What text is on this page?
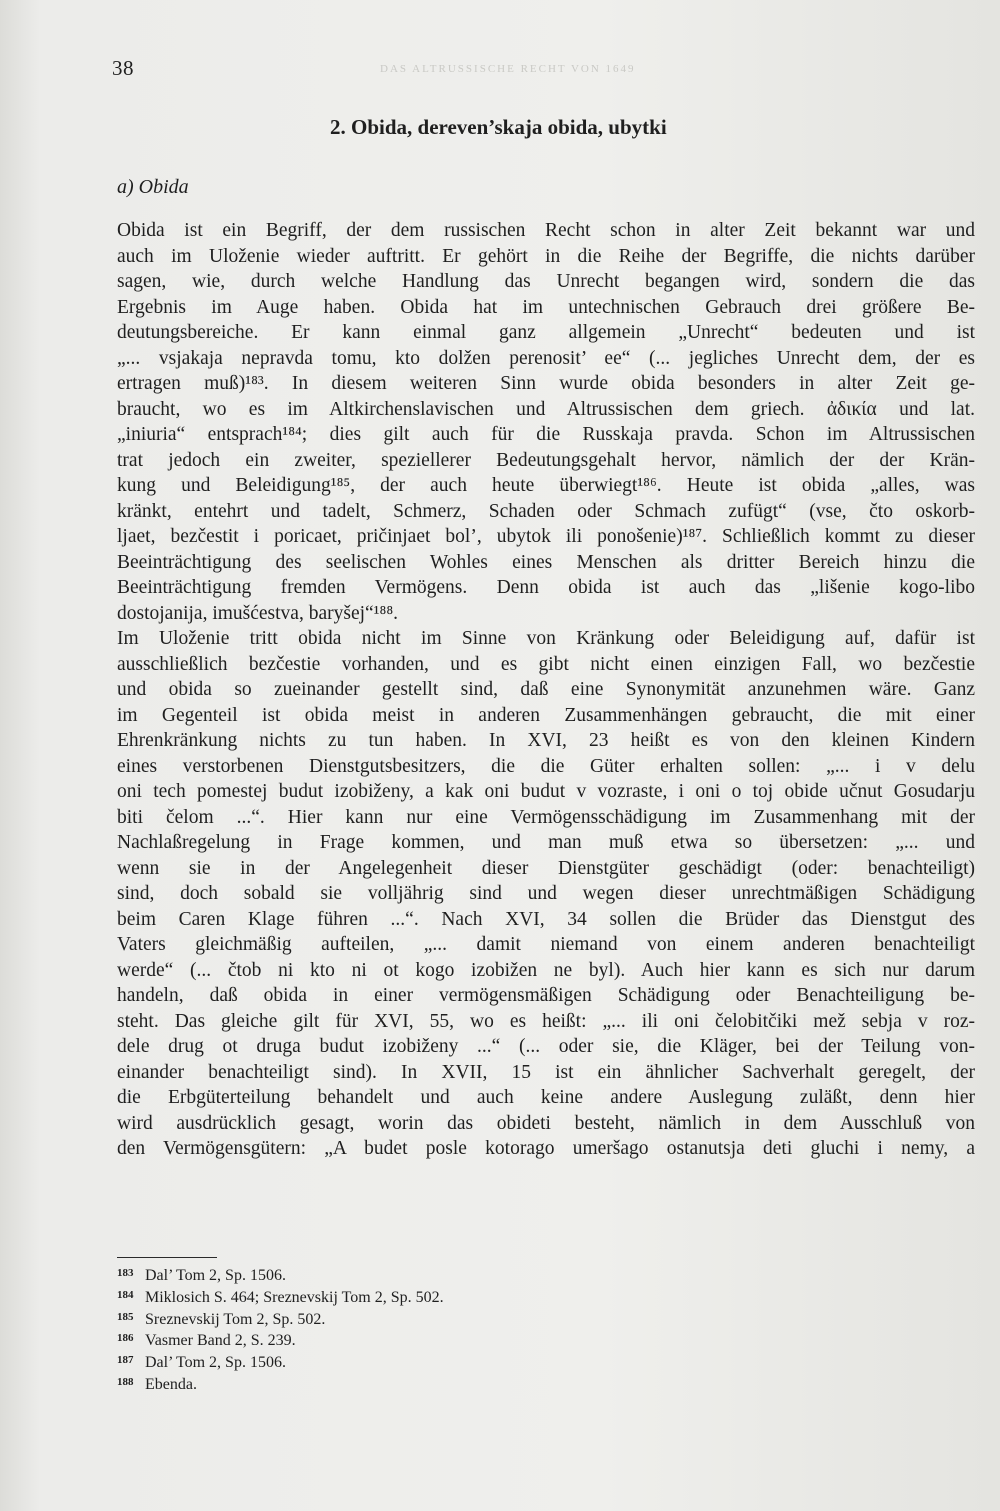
38	DAS ALTRUSSISCHE RECHT VON 1649
2. Obida, dereven’skaja obida, ubytki
a) Obida
Obida ist ein Begriff, der dem russischen Recht schon in alter Zeit bekannt war und
auch im Uloženie wieder auftritt. Er gehört in die Reihe der Begriffe, die nichts darüber
sagen, wie, durch welche Handlung das Unrecht begangen wird, sondern die das
Ergebnis im Auge haben. Obida hat im untechnischen Gebrauch drei größere Be-
deutungsbereiche. Er kann einmal ganz allgemein „Unrecht“ bedeuten und ist
„... vsjakaja nepravda tomu, kto dolžen perenosit’ ee“ (... jegliches Unrecht dem, der es
ertragen muß)¹⁸³. In diesem weiteren Sinn wurde obida besonders in alter Zeit ge-
braucht, wo es im Altkirchenslavischen und Altrussischen dem griech. ἀδικία und lat.
„iniuria“ entsprach¹⁸⁴; dies gilt auch für die Russkaja pravda. Schon im Altrussischen
trat jedoch ein zweiter, speziellerer Bedeutungsgehalt hervor, nämlich der der Krän-
kung und Beleidigung¹⁸⁵, der auch heute überwiegt¹⁸⁶. Heute ist obida „alles, was
kränkt, entehrt und tadelt, Schmerz, Schaden oder Schmach zufügt“ (vse, čto oskorb-
ljaet, bezčestit i poricaet, pričinjaet bol’, ubytok ili ponošenie)¹⁸⁷. Schließlich kommt zu dieser
Beeinträchtigung des seelischen Wohles eines Menschen als dritter Bereich hinzu die
Beeinträchtigung fremden Vermögens. Denn obida ist auch das „lišenie kogo-libo
dostojanija, imušćestva, baryšej“¹⁸⁸.
Im Uloženie tritt obida nicht im Sinne von Kränkung oder Beleidigung auf, dafür ist
ausschließlich bezčestie vorhanden, und es gibt nicht einen einzigen Fall, wo bezčestie
und obida so zueinander gestellt sind, daß eine Synonymität anzunehmen wäre. Ganz
im Gegenteil ist obida meist in anderen Zusammenhängen gebraucht, die mit einer
Ehrenkränkung nichts zu tun haben. In XVI, 23 heißt es von den kleinen Kindern
eines verstorbenen Dienstgutsbesitzers, die die Güter erhalten sollen: „... i v delu
oni tech pomestej budut izobiženy, a kak oni budut v vozraste, i oni o toj obide učnut Gosudarju
biti čelom ...“. Hier kann nur eine Vermögensschädigung im Zusammenhang mit der
Nachlaßregelung in Frage kommen, und man muß etwa so übersetzen: „... und
wenn sie in der Angelegenheit dieser Dienstgüter geschädigt (oder: benachteiligt)
sind, doch sobald sie volljährig sind und wegen dieser unrechtmäßigen Schädigung
beim Caren Klage führen ...“. Nach XVI, 34 sollen die Brüder das Dienstgut des
Vaters gleichmäßig aufteilen, „... damit niemand von einem anderen benachteiligt
werde“ (... čtob ni kto ni ot kogo izobižen ne byl). Auch hier kann es sich nur darum
handeln, daß obida in einer vermögensmäßigen Schädigung oder Benachteiligung be-
steht. Das gleiche gilt für XVI, 55, wo es heißt: „... ili oni čelobitčiki mež sebja v roz-
dele drug ot druga budut izobiženy ...“ (... oder sie, die Kläger, bei der Teilung von-
einander benachteiligt sind). In XVII, 15 ist ein ähnlicher Sachverhalt geregelt, der
die Erbgüterteilung behandelt und auch keine andere Auslegung zuläßt, denn hier
wird ausdrücklich gesagt, worin das obideti besteht, nämlich in dem Ausschluß von
den Vermögensgütern: „A budet posle kotorago umeršago ostanutsja deti gluchi i nemy, a
183 Dal’ Tom 2, Sp. 1506.
184 Miklosich S. 464; Sreznevskij Tom 2, Sp. 502.
185 Sreznevskij Tom 2, Sp. 502.
186 Vasmer Band 2, S. 239.
187 Dal’ Tom 2, Sp. 1506.
188 Ebenda.
